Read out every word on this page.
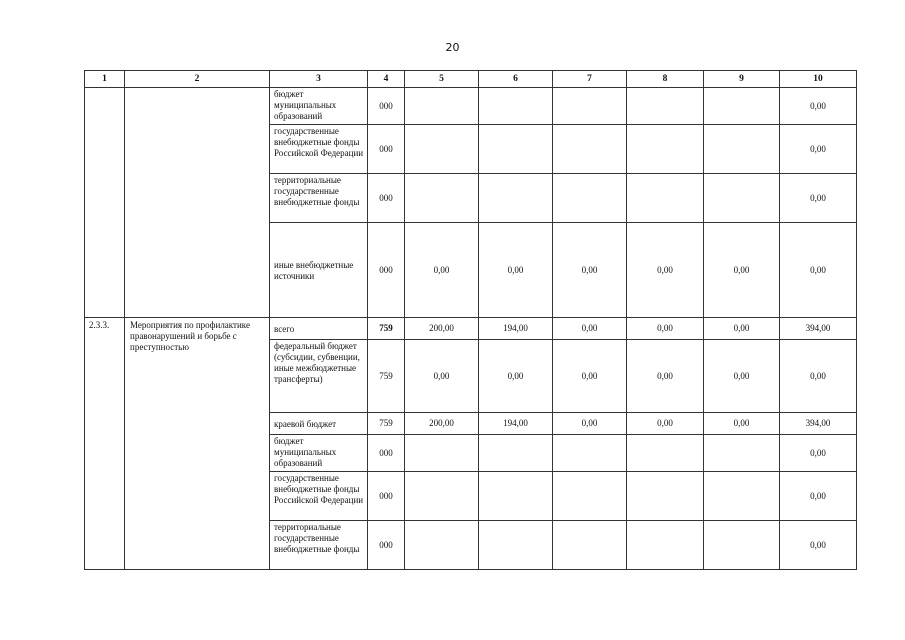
20
1	2	3	4	5	6	7	8	9	10
		бюджет муниципальных образований	000						0,00
		государственные внебюджетные фонды Российской Федерации	000						0,00
		территориальные государственные внебюджетные фонды	000						0,00
		иные внебюджетные источники	000	0,00	0,00	0,00	0,00	0,00	0,00
2.3.3.	Мероприятия по профилактике правонарушений и борьбе с преступностью	всего	759	200,00	194,00	0,00	0,00	0,00	394,00
		федеральный бюджет (субсидии, субвенции, иные межбюджетные трансферты)	759	0,00	0,00	0,00	0,00	0,00	0,00
		краевой бюджет	759	200,00	194,00	0,00	0,00	0,00	394,00
		бюджет муниципальных образований	000						0,00
		государственные внебюджетные фонды Российской Федерации	000						0,00
		территориальные государственные внебюджетные фонды	000						0,00
